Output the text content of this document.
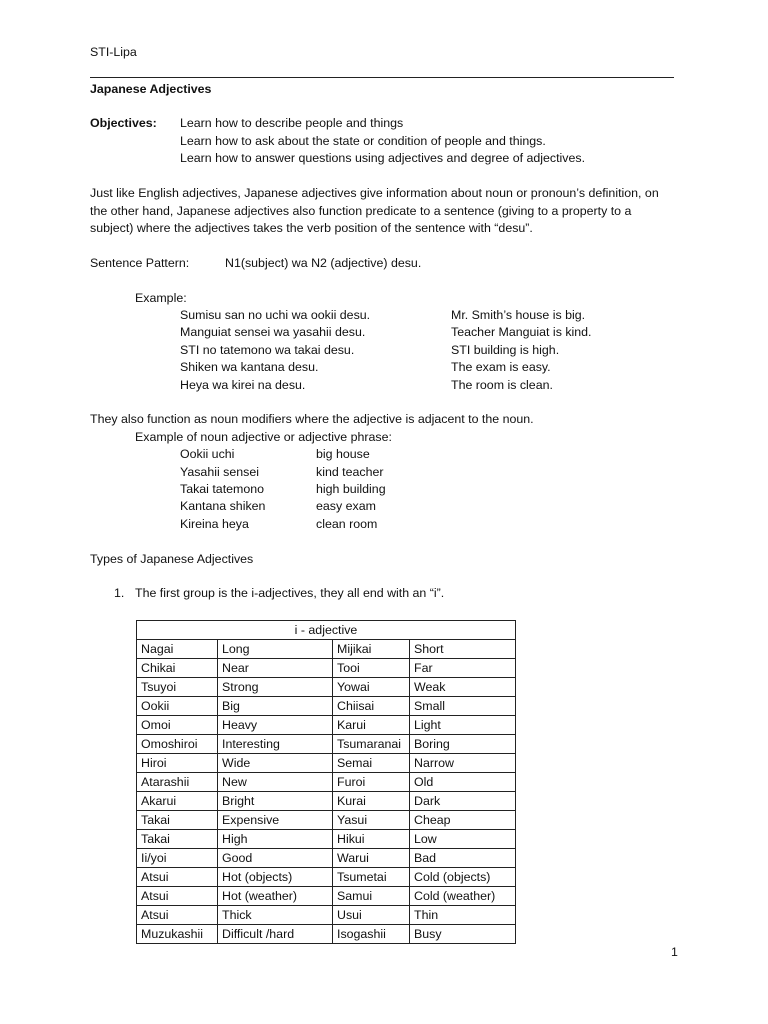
STI-Lipa
Japanese Adjectives
Objectives: Learn how to describe people and things
Learn how to ask about the state or condition of people and things.
Learn how to answer questions using adjectives and degree of adjectives.
Just like English adjectives, Japanese adjectives give information about noun or pronoun’s definition, on
the other hand, Japanese adjectives also function predicate to a sentence (giving to a property to a
subject) where the adjectives takes the verb position of the sentence with “desu”.
Sentence Pattern:	N1(subject) wa N2 (adjective) desu.
Example:
Sumisu san no uchi wa ookii desu.	Mr. Smith’s house is big.
Manguiat sensei wa yasahii desu.	Teacher Manguiat is kind.
STI no tatemono wa takai desu.	STI building is high.
Shiken wa kantana desu.	The exam is easy.
Heya wa kirei na desu.	The room is clean.
They also function as noun modifiers where the adjective is adjacent to the noun.
Example of noun adjective or adjective phrase:
Ookii uchi	big house
Yasahii sensei	kind teacher
Takai tatemono	high building
Kantana shiken	easy exam
Kireina heya	clean room
Types of Japanese Adjectives
1. The first group is the i-adjectives, they all end with an “i”.
i - adjective			
Nagai	Long	Mijikai	Short
Chikai	Near	Tooi	Far
Tsuyoi	Strong	Yowai	Weak
Ookii	Big	Chiisai	Small
Omoi	Heavy	Karui	Light
Omoshiroi	Interesting	Tsumaranai	Boring
Hiroi	Wide	Semai	Narrow
Atarashii	New	Furoi	Old
Akarui	Bright	Kurai	Dark
Takai	Expensive	Yasui	Cheap
Takai	High	Hikui	Low
Ii/yoi	Good	Warui	Bad
Atsui	Hot (objects)	Tsumetai	Cold (objects)
Atsui	Hot (weather)	Samui	Cold (weather)
Atsui	Thick	Usui	Thin
Muzukashii	Difficult /hard	Isogashii	Busy
1
